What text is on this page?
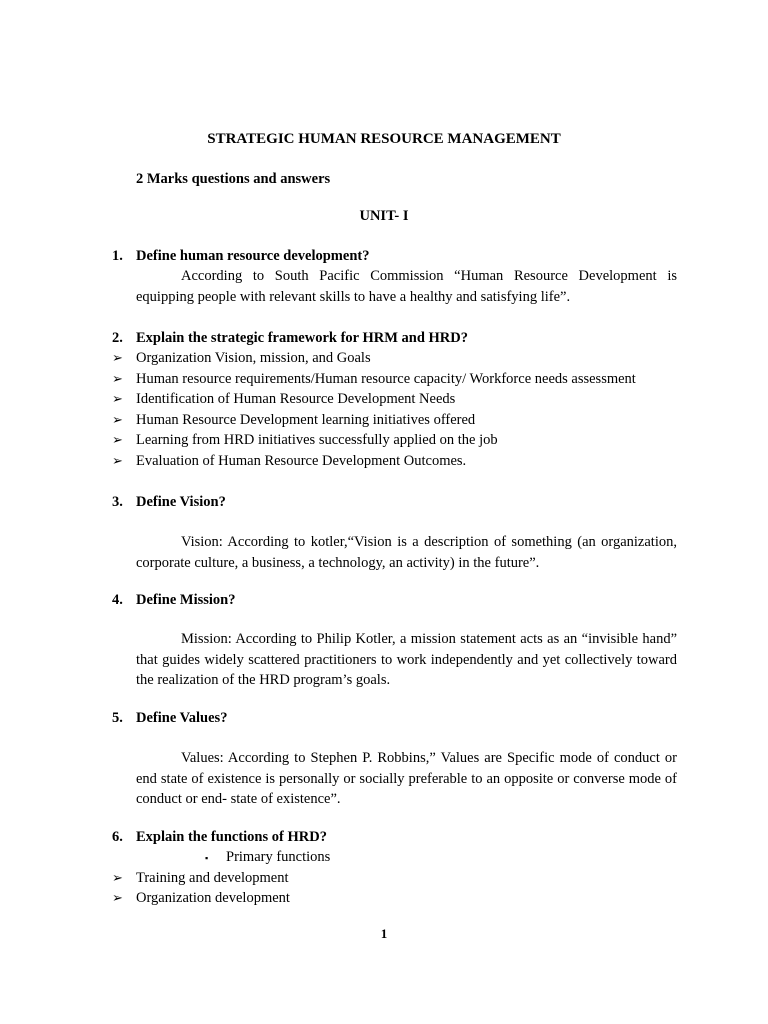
STRATEGIC HUMAN RESOURCE MANAGEMENT
2 Marks questions and answers
UNIT- I
1. Define human resource development?
According to South Pacific Commission “Human Resource Development is equipping people with relevant skills to have a healthy and satisfying life”.
2. Explain the strategic framework for HRM and HRD?
➢ Organization Vision, mission, and Goals
➢ Human resource requirements/Human resource capacity/ Workforce needs assessment
➢ Identification of Human Resource Development Needs
➢ Human Resource Development learning initiatives offered
➢ Learning from HRD initiatives successfully applied on the job
➢ Evaluation of Human Resource Development Outcomes.
3. Define Vision?
Vision: According to kotler,“Vision is a description of something (an organization, corporate culture, a business, a technology, an activity) in the future”.
4. Define Mission?
Mission: According to Philip Kotler, a mission statement acts as an “invisible hand” that guides widely scattered practitioners to work independently and yet collectively toward the realization of the HRD program’s goals.
5. Define Values?
Values: According to Stephen P. Robbins,” Values are Specific mode of conduct or end state of existence is personally or socially preferable to an opposite or converse mode of conduct or end- state of existence”.
6. Explain the functions of HRD?
▪ Primary functions
➢ Training and development
➢ Organization development
1
